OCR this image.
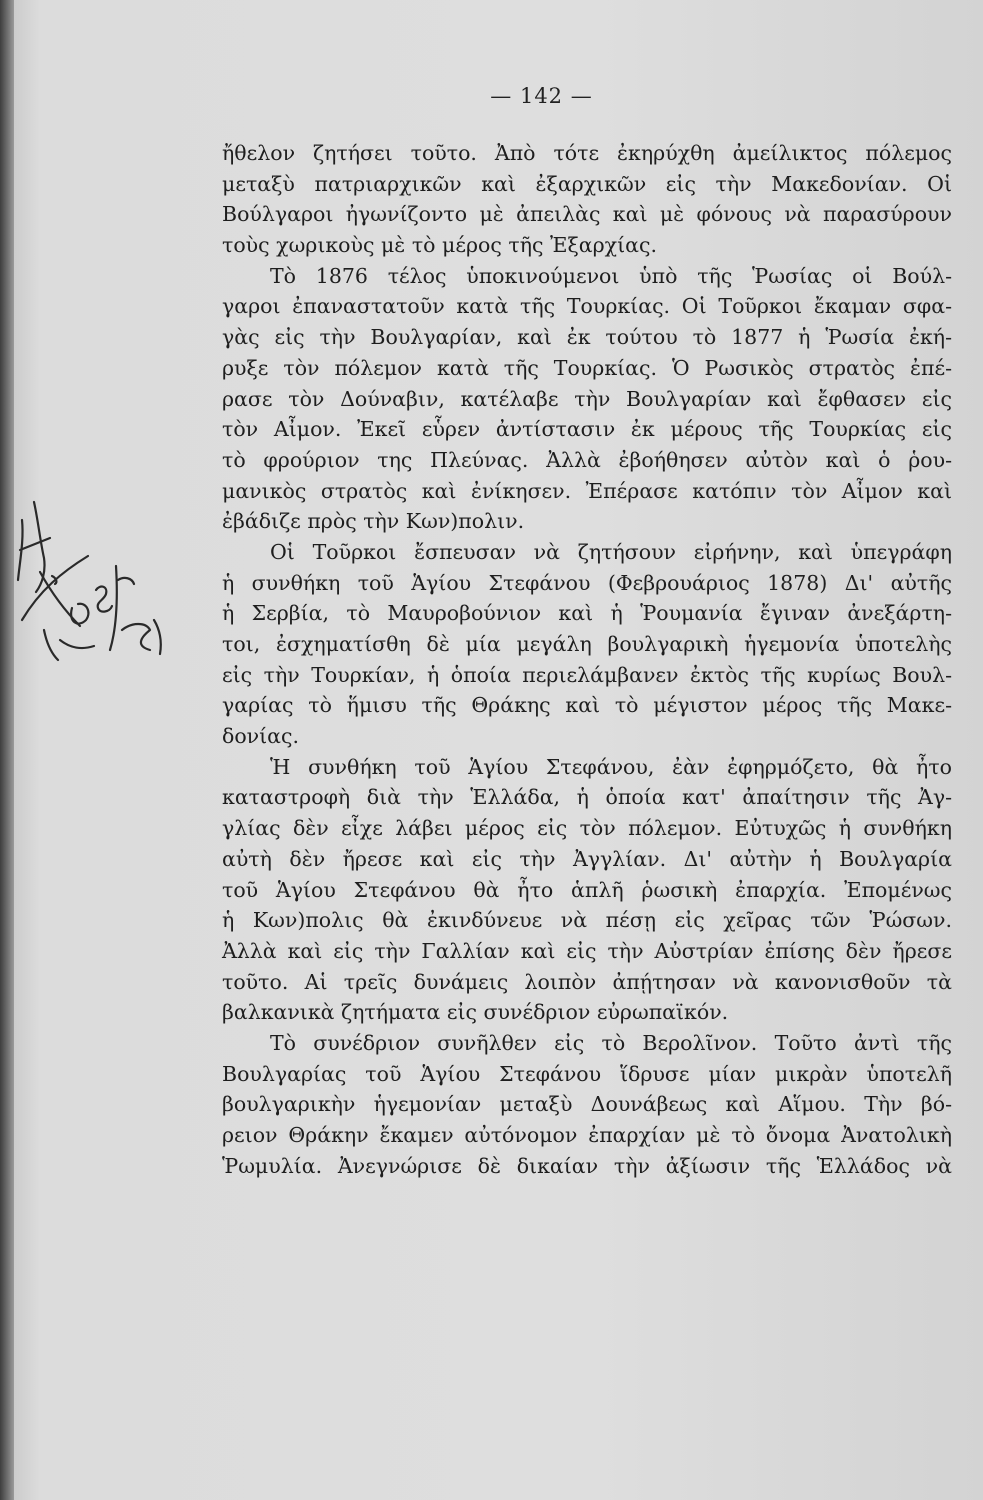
— 142 —
ἤθελον ζητήσει τοῦτο. Ἀπὸ τότε ἐκηρύχθη ἀμείλικτος πόλεμος
μεταξὺ πατριαρχικῶν καὶ ἐξαρχικῶν εἰς τὴν Μακεδονίαν. Οἱ
Βούλγαροι ἠγωνίζοντο μὲ ἀπειλὰς καὶ μὲ φόνους νὰ παρασύρουν
τοὺς χωρικοὺς μὲ τὸ μέρος τῆς Ἐξαρχίας.
Τὸ 1876 τέλος ὑποκινούμενοι ὑπὸ τῆς Ῥωσίας οἱ Βούλ-
γαροι ἐπαναστατοῦν κατὰ τῆς Τουρκίας. Οἱ Τοῦρκοι ἔκαμαν σφα-
γὰς εἰς τὴν Βουλγαρίαν, καὶ ἐκ τούτου τὸ 1877 ἡ Ῥωσία ἐκή-
ρυξε τὸν πόλεμον κατὰ τῆς Τουρκίας. Ὁ Ρωσικὸς στρατὸς ἐπέ-
ρασε τὸν Δούναβιν, κατέλαβε τὴν Βουλγαρίαν καὶ ἔφθασεν εἰς
τὸν Αἶμον. Ἐκεῖ εὗρεν ἀντίστασιν ἐκ μέρους τῆς Τουρκίας εἰς
τὸ φρούριον της Πλεύνας. Ἀλλὰ ἐβοήθησεν αὐτὸν καὶ ὁ ῥου-
μανικὸς στρατὸς καὶ ἐνίκησεν. Ἐπέρασε κατόπιν τὸν Αἶμον καὶ
ἐβάδιζε πρὸς τὴν Κων)πολιν.
Οἱ Τοῦρκοι ἔσπευσαν νὰ ζητήσουν εἰρήνην, καὶ ὑπεγράφη
ἡ συνθήκη τοῦ Ἁγίου Στεφάνου (Φεβρουάριος 1878) Δι' αὐτῆς
ἡ Σερβία, τὸ Μαυροβούνιον καὶ ἡ Ῥουμανία ἔγιναν ἀνεξάρτη-
τοι, ἐσχηματίσθη δὲ μία μεγάλη βουλγαρικὴ ἡγεμονία ὑποτελὴς
εἰς τὴν Τουρκίαν, ἡ ὁποία περιελάμβανεν ἐκτὸς τῆς κυρίως Βουλ-
γαρίας τὸ ἥμισυ τῆς Θράκης καὶ τὸ μέγιστον μέρος τῆς Μακε-
δονίας.
Ἡ συνθήκη τοῦ Ἁγίου Στεφάνου, ἐὰν ἐφηρμόζετο, θὰ ἦτο
καταστροφὴ διὰ τὴν Ἑλλάδα, ἡ ὁποία κατ' ἀπαίτησιν τῆς Ἀγ-
γλίας δὲν εἶχε λάβει μέρος εἰς τὸν πόλεμον. Εὐτυχῶς ἡ συνθήκη
αὐτὴ δὲν ἤρεσε καὶ εἰς τὴν Ἀγγλίαν. Δι' αὐτὴν ἡ Βουλγαρία
τοῦ Ἁγίου Στεφάνου θὰ ἦτο ἁπλῆ ῥωσικὴ ἐπαρχία. Ἐπομένως
ἡ Κων)πολις θὰ ἐκινδύνευε νὰ πέσῃ εἰς χεῖρας τῶν Ῥώσων.
Ἀλλὰ καὶ εἰς τὴν Γαλλίαν καὶ εἰς τὴν Αὐστρίαν ἐπίσης δὲν ἤρεσε
τοῦτο. Αἱ τρεῖς δυνάμεις λοιπὸν ἀπῄτησαν νὰ κανονισθοῦν τὰ
βαλκανικὰ ζητήματα εἰς συνέδριον εὐρωπαϊκόν.
Τὸ συνέδριον συνῆλθεν εἰς τὸ Βερολῖνον. Τοῦτο ἀντὶ τῆς
Βουλγαρίας τοῦ Ἁγίου Στεφάνου ἵδρυσε μίαν μικρὰν ὑποτελῆ
βουλγαρικὴν ἡγεμονίαν μεταξὺ Δουνάβεως καὶ Αἵμου. Τὴν βό-
ρειον Θράκην ἔκαμεν αὐτόνομον ἐπαρχίαν μὲ τὸ ὄνομα Ἀνατολικὴ
Ῥωμυλία. Ἀνεγνώρισε δὲ δικαίαν τὴν ἀξίωσιν τῆς Ἑλλάδος νὰ
